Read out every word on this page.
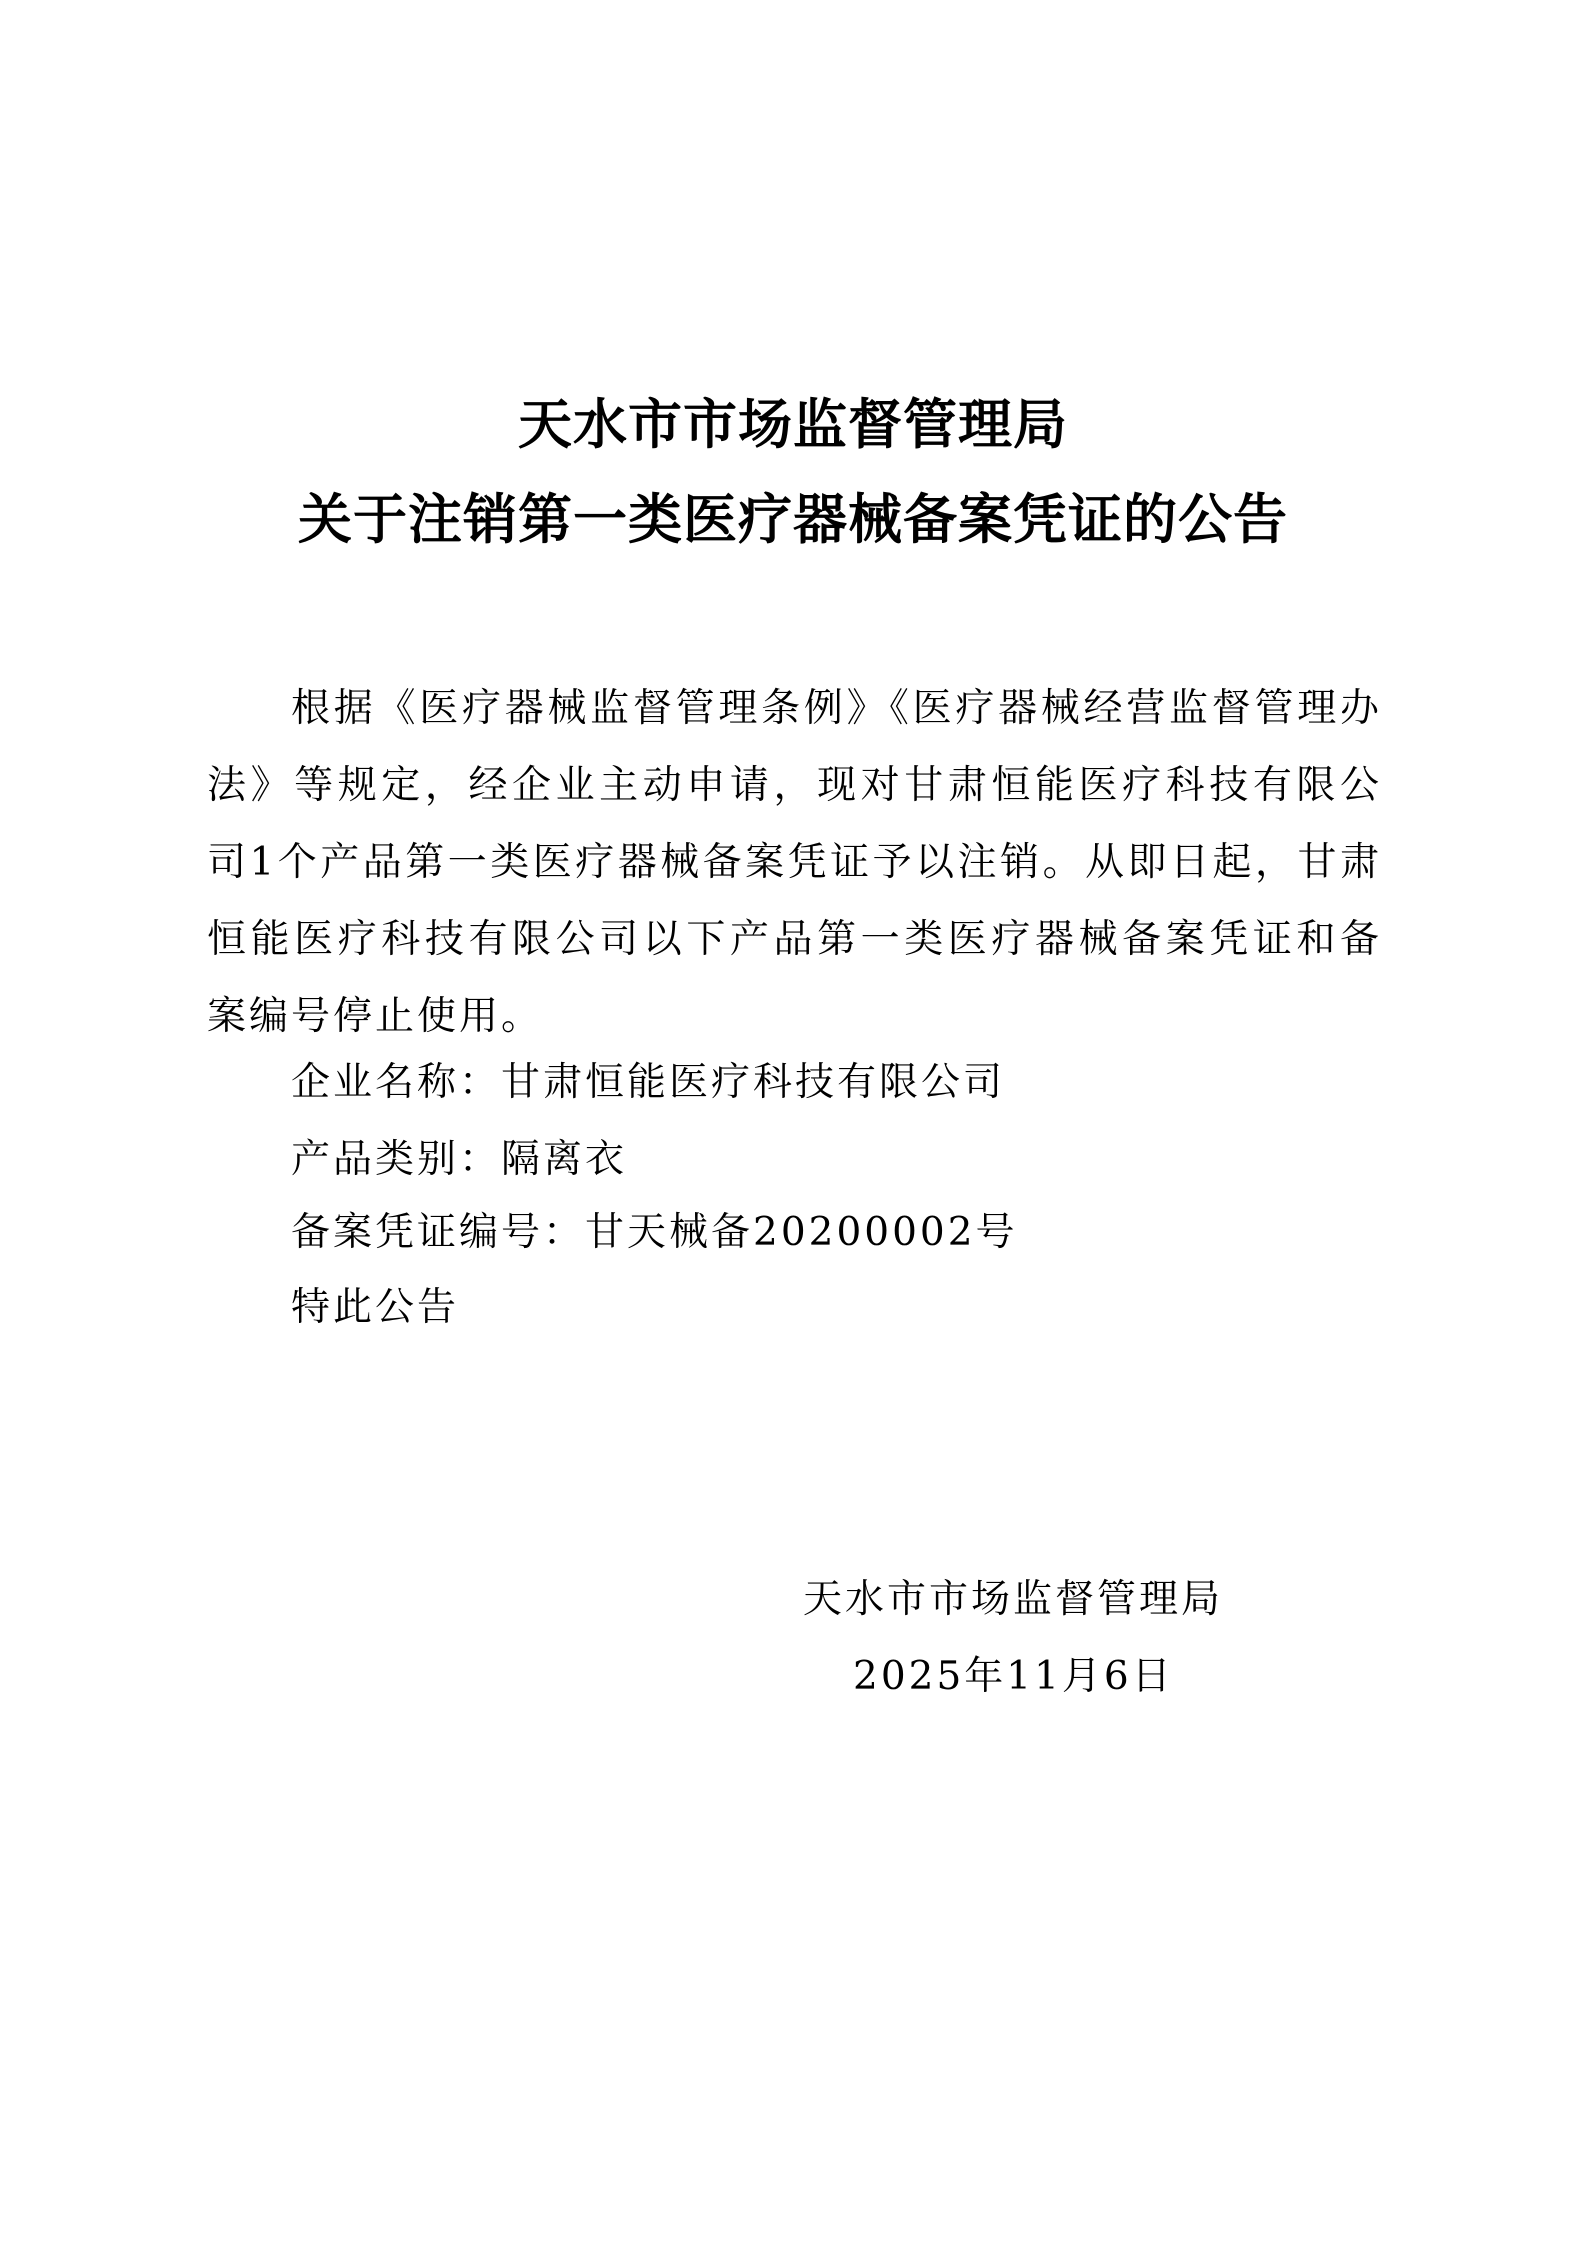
天水市市场监督管理局
关于注销第一类医疗器械备案凭证的公告
根据《医疗器械监督管理条例》《医疗器械经营监督管理办法》等规定，经企业主动申请，现对甘肃恒能医疗科技有限公司1个产品第一类医疗器械备案凭证予以注销。从即日起，甘肃恒能医疗科技有限公司以下产品第一类医疗器械备案凭证和备案编号停止使用。
企业名称：甘肃恒能医疗科技有限公司
产品类别：隔离衣
备案凭证编号：甘天械备20200002号
特此公告
天水市市场监督管理局
2025年11月6日
